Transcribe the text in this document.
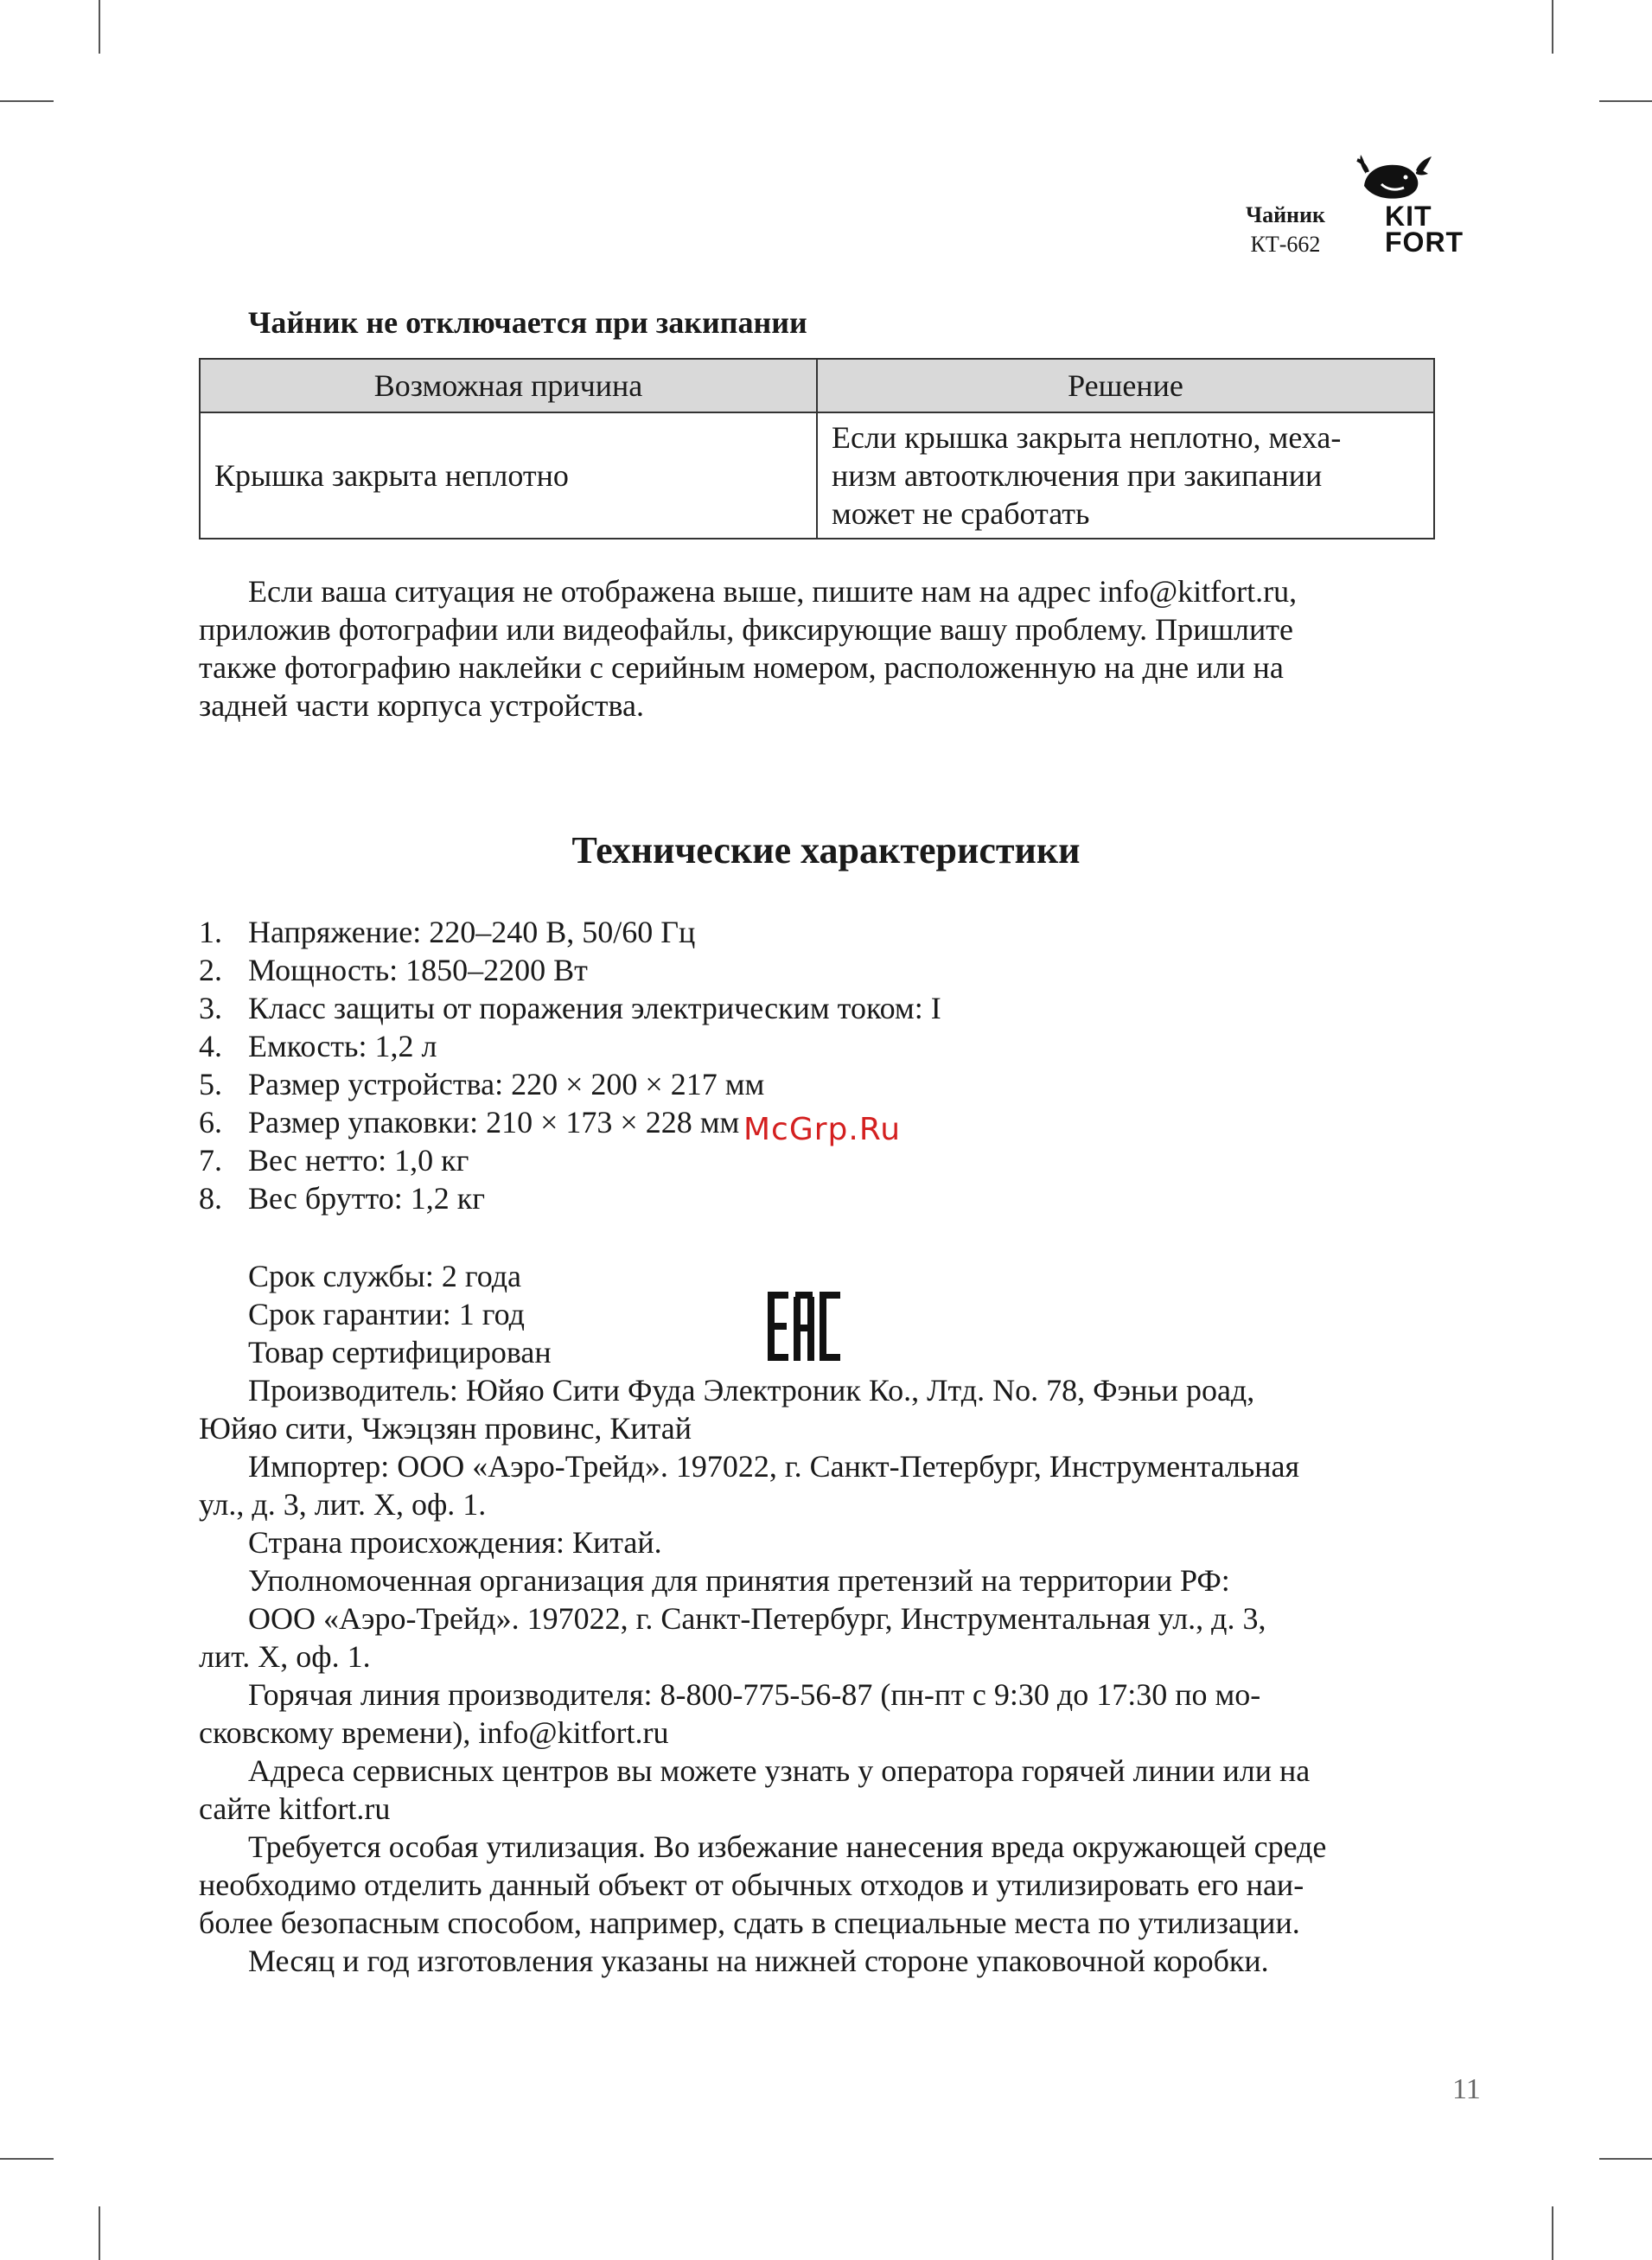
Чайник
КТ-662
KIT
FORT
Чайник не отключается при закипании
Возможная причина	Решение
Крышка закрыта неплотно	Если крышка закрыта неплотно, меха-
низм автоотключения при закипании
может не сработать
Если ваша ситуация не отображена выше, пишите нам на адрес info@kitfort.ru,
приложив фотографии или видеофайлы, фиксирующие вашу проблему. Пришлите
также фотографию наклейки с серийным номером, расположенную на дне или на
задней части корпуса устройства.
Технические характеристики
1. Напряжение: 220–240 В, 50/60 Гц
2. Мощность: 1850–2200 Вт
3. Класс защиты от поражения электрическим током: I
4. Емкость: 1,2 л
5. Размер устройства: 220 × 200 × 217 мм
6. Размер упаковки: 210 × 173 × 228 мм
7. Вес нетто: 1,0 кг
8. Вес брутто: 1,2 кг
Срок службы: 2 года
Срок гарантии: 1 год
Товар сертифицирован
Производитель: Юйяо Сити Фуда Электроник Ко., Лтд. No. 78, Фэньи роад,
Юйяо сити, Чжэцзян провинс, Китай
Импортер: ООО «Аэро-Трейд». 197022, г. Санкт-Петербург, Инструментальная
ул., д. 3, лит. Х, оф. 1.
Страна происхождения: Китай.
Уполномоченная организация для принятия претензий на территории РФ:
ООО «Аэро-Трейд». 197022, г. Санкт-Петербург, Инструментальная ул., д. 3,
лит. Х, оф. 1.
Горячая линия производителя: 8-800-775-56-87 (пн-пт с 9:30 до 17:30 по мо-
сковскому времени), info@kitfort.ru
Адреса сервисных центров вы можете узнать у оператора горячей линии или на
сайте kitfort.ru
Требуется особая утилизация. Во избежание нанесения вреда окружающей среде
необходимо отделить данный объект от обычных отходов и утилизировать его наи-
более безопасным способом, например, сдать в специальные места по утилизации.
Месяц и год изготовления указаны на нижней стороне упаковочной коробки.
McGrp.Ru
11
